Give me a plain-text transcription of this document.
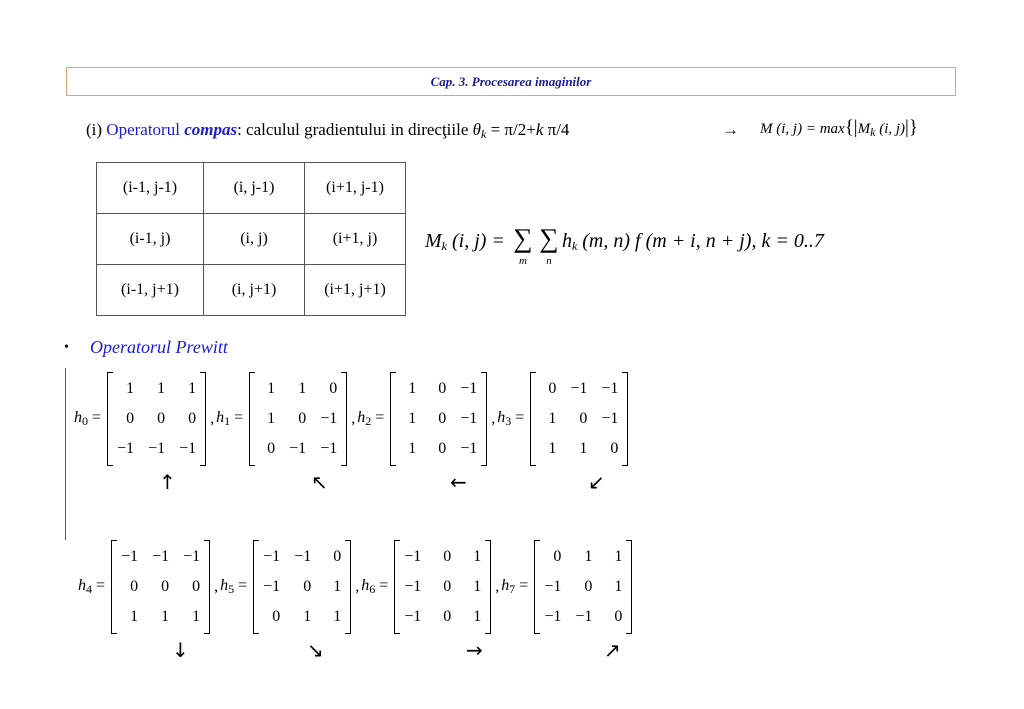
Cap. 3. Procesarea imaginilor
(i) Operatorul compas: calculul gradientului in direcţiile $\theta_k = \pi/2+k$ π/4	→ M (i, $j) = \max\{|M_k$ (i, j)|}
(i-1, j-1)	(i, j-1)	(i+1, j-1)
(i-1, j)	(i, j)	(i+1, j)
(i-1, j+1)	(i, j+1)	(i+1, j+1)
$M_k$ (i, j) = ∑
m
∑
n
$h_k$ (m, n) f (m + i, n + j), k = 0..7
• Operatorul Prewitt
$h_0$ =
1	1	1
0	0	0
−1 −1 −1
, $h_1$ =
1	1	0
1	0 −1
0 −1 −1
, $h_2$ =
1	0 −1
1	0 −1
1	0 −1
, $h_3$ =
0 −1 −1
1	0 −1
1	1	0
$h_4$ =
−1 −1 −1
0	0	0
1	1	1
, $h_5$ =
−1 −1	0
−1	0	1
0	1	1
, $h_6$ =
−1	0	1
−1	0	1
−1	0	1
, $h_7$ =
0	1	1
−1	0	1
−1 −1	0
↑	↖	←	↙
↓	↘	→	↗
